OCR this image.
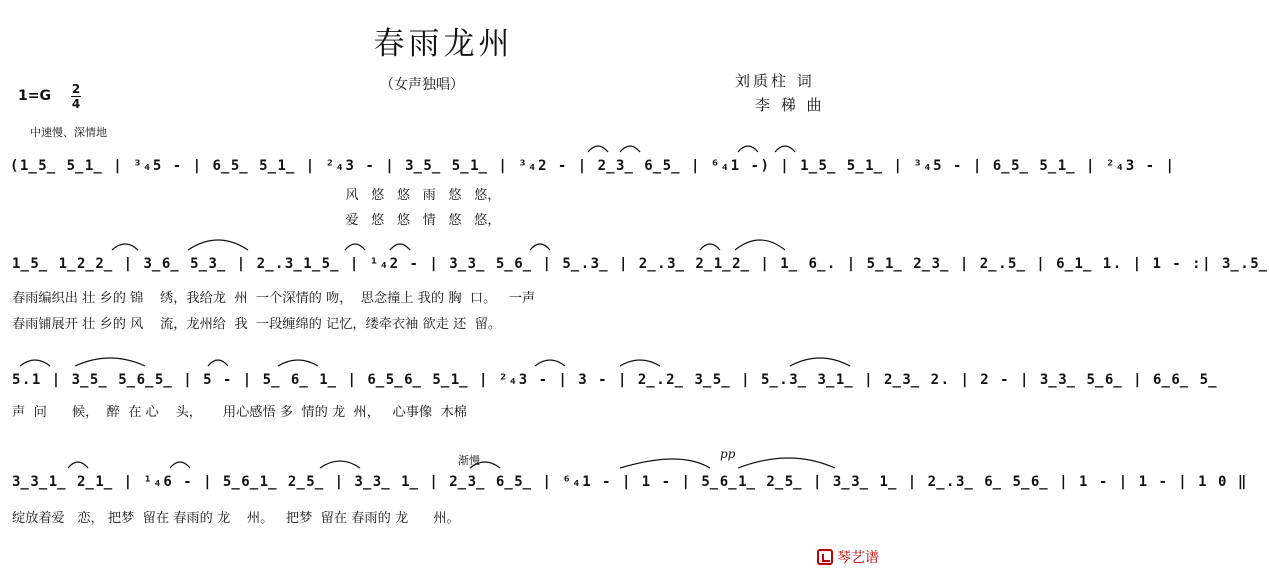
春雨龙州
（女声独唱）	刘质柱 词
李 稊 曲
1=G 2
4
中速慢、深情地
(1̲5̲ 5̲1̲ | ³₄5 - | 6̲5̲ 5̲1̲ | ²₄3 - | 3̲5̲ 5̲1̲ | ³₄2 - | 2̲3̲ 6̲5̲ | ⁶₄1 -) | 1̲5̲ 5̲1̲ | ³₄5 - | 6̲5̲ 5̲1̲ | ²₄3 - |
风   悠   悠   雨   悠   悠，
爱   悠   悠   情   悠   悠，
1̲5̲ 1̲2̲2̲ | 3̲6̲ 5̲3̲ | 2̲.3̲1̲5̲ | ¹₄2 - | 3̲3̲ 5̲6̲ | 5̲.3̲ | 2̲.3̲ 2̲1̲2̲ | 1̲ 6̲. | 5̲1̲ 2̲3̲ | 2̲.5̲ | 6̲1̲ 1. | 1 - :| 3̲.5̲
春雨编织出 壮 乡的 锦    绣，我给龙  州  一个深情的 吻，  思念撞上 我的 胸  口。   一声
春雨铺展开 壮 乡的 风    流，龙州给  我  一段缠绵的 记忆，缕牵衣袖 欲走 还  留。
5.1 | 3̲5̲ 5̲6̲5̲ | 5 - | 5̲ 6̲ 1̲ | 6̲5̲6̲ 5̲1̲ | ²₄3 - | 3 - | 2̲.2̲ 3̲5̲ | 5̲.3̲ 3̲1̲ | 2̲3̲ 2. | 2 - | 3̲3̲ 5̲6̲ | 6̲6̲ 5̲
声  问      候，  醉  在 心    头，     用心感悟 多  情的 龙  州，   心事像  木棉
3̲3̲1̲ 2̲1̲ | ¹₄6 - | 5̲6̲1̲ 2̲5̲ | 3̲3̲ 1̲ | 2̲3̲ 6̲5̲ | ⁶₄1 - | 1 - | 5̲6̲1̲ 2̲5̲ | 3̲3̲ 1̲ | 2̲.3̲ 6̲ 5̲6̲ | 1 - | 1 - | 1 0 ‖
绽放着爱   恋， 把梦  留在 春雨的 龙    州。   把梦  留在 春雨的 龙      州。
渐慢	pp
琴艺谱
